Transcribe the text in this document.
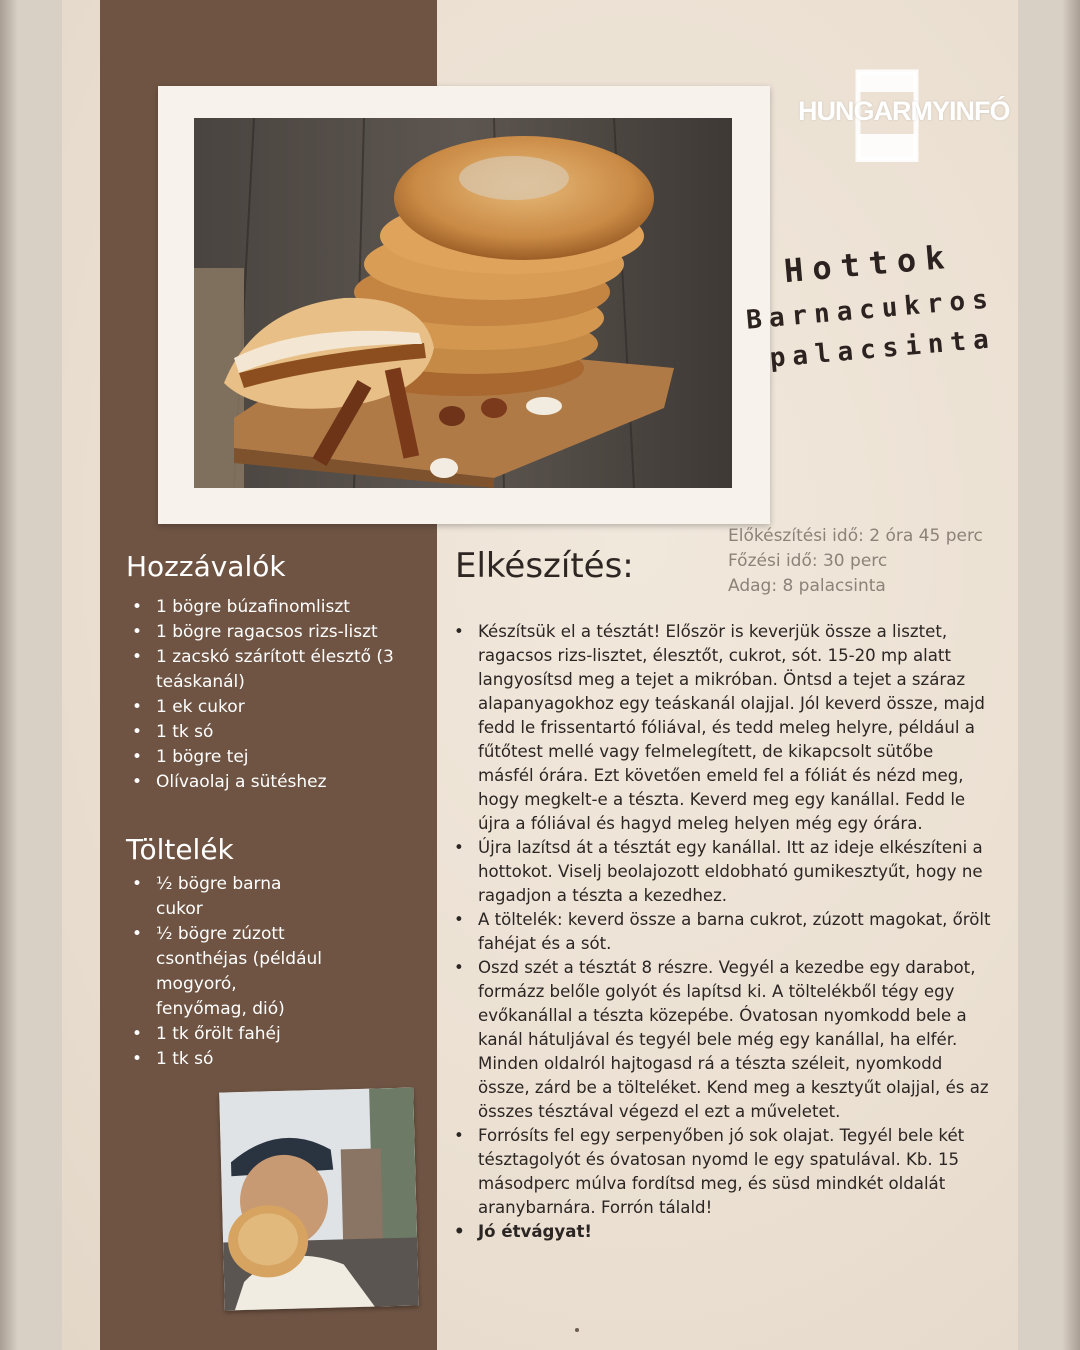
HUNGARMYINFÓ
Hottok
Barnacukros
palacsinta
Hozzávalók
• 1 bögre búzafinomliszt
• 1 bögre ragacsos rizs-liszt
• 1 zacskó szárított élesztő (3 teáskanál)
• 1 ek cukor
• 1 tk só
• 1 bögre tej
• Olívaolaj a sütéshez
Töltelék
• ½ bögre barna cukor
• ½ bögre zúzott csonthéjas (például mogyoró, fenyőmag, dió)
• 1 tk őrölt fahéj
• 1 tk só
Előkészítési idő: 2 óra 45 perc
Főzési idő: 30 perc
Adag: 8 palacsinta
Elkészítés:
• Készítsük el a tésztát! Először is keverjük össze a lisztet, ragacsos rizs-lisztet, élesztőt, cukrot, sót. 15-20 mp alatt langyosítsd meg a tejet a mikróban. Öntsd a tejet a száraz alapanyagokhoz egy teáskanál olajjal. Jól keverd össze, majd fedd le frissentartó fóliával, és tedd meleg helyre, például a fűtőtest mellé vagy felmelegített, de kikapcsolt sütőbe másfél órára. Ezt követően emeld fel a fóliát és nézd meg, hogy megkelt-e a tészta. Keverd meg egy kanállal. Fedd le újra a fóliával és hagyd meleg helyen még egy órára.
• Újra lazítsd át a tésztát egy kanállal. Itt az ideje elkészíteni a hottokot. Viselj beolajozott eldobható gumikesztyűt, hogy ne ragadjon a tészta a kezedhez.
• A töltelék: keverd össze a barna cukrot, zúzott magokat, őrölt fahéjat és a sót.
• Oszd szét a tésztát 8 részre. Vegyél a kezedbe egy darabot, formázz belőle golyót és lapítsd ki. A töltelékből tégy egy evőkanállal a tészta közepébe. Óvatosan nyomkodd bele a kanál hátuljával és tegyél bele még egy kanállal, ha elfér. Minden oldalról hajtogasd rá a tészta széleit, nyomkodd össze, zárd be a tölteléket. Kend meg a kesztyűt olajjal, és az összes tésztával végezd el ezt a műveletet.
• Forrósíts fel egy serpenyőben jó sok olajat. Tegyél bele két tésztagolyót és óvatosan nyomd le egy spatulával. Kb. 15 másodperc múlva fordítsd meg, és süsd mindkét oldalát aranybarnára. Forrón tálald!
• Jó étvágyat!
